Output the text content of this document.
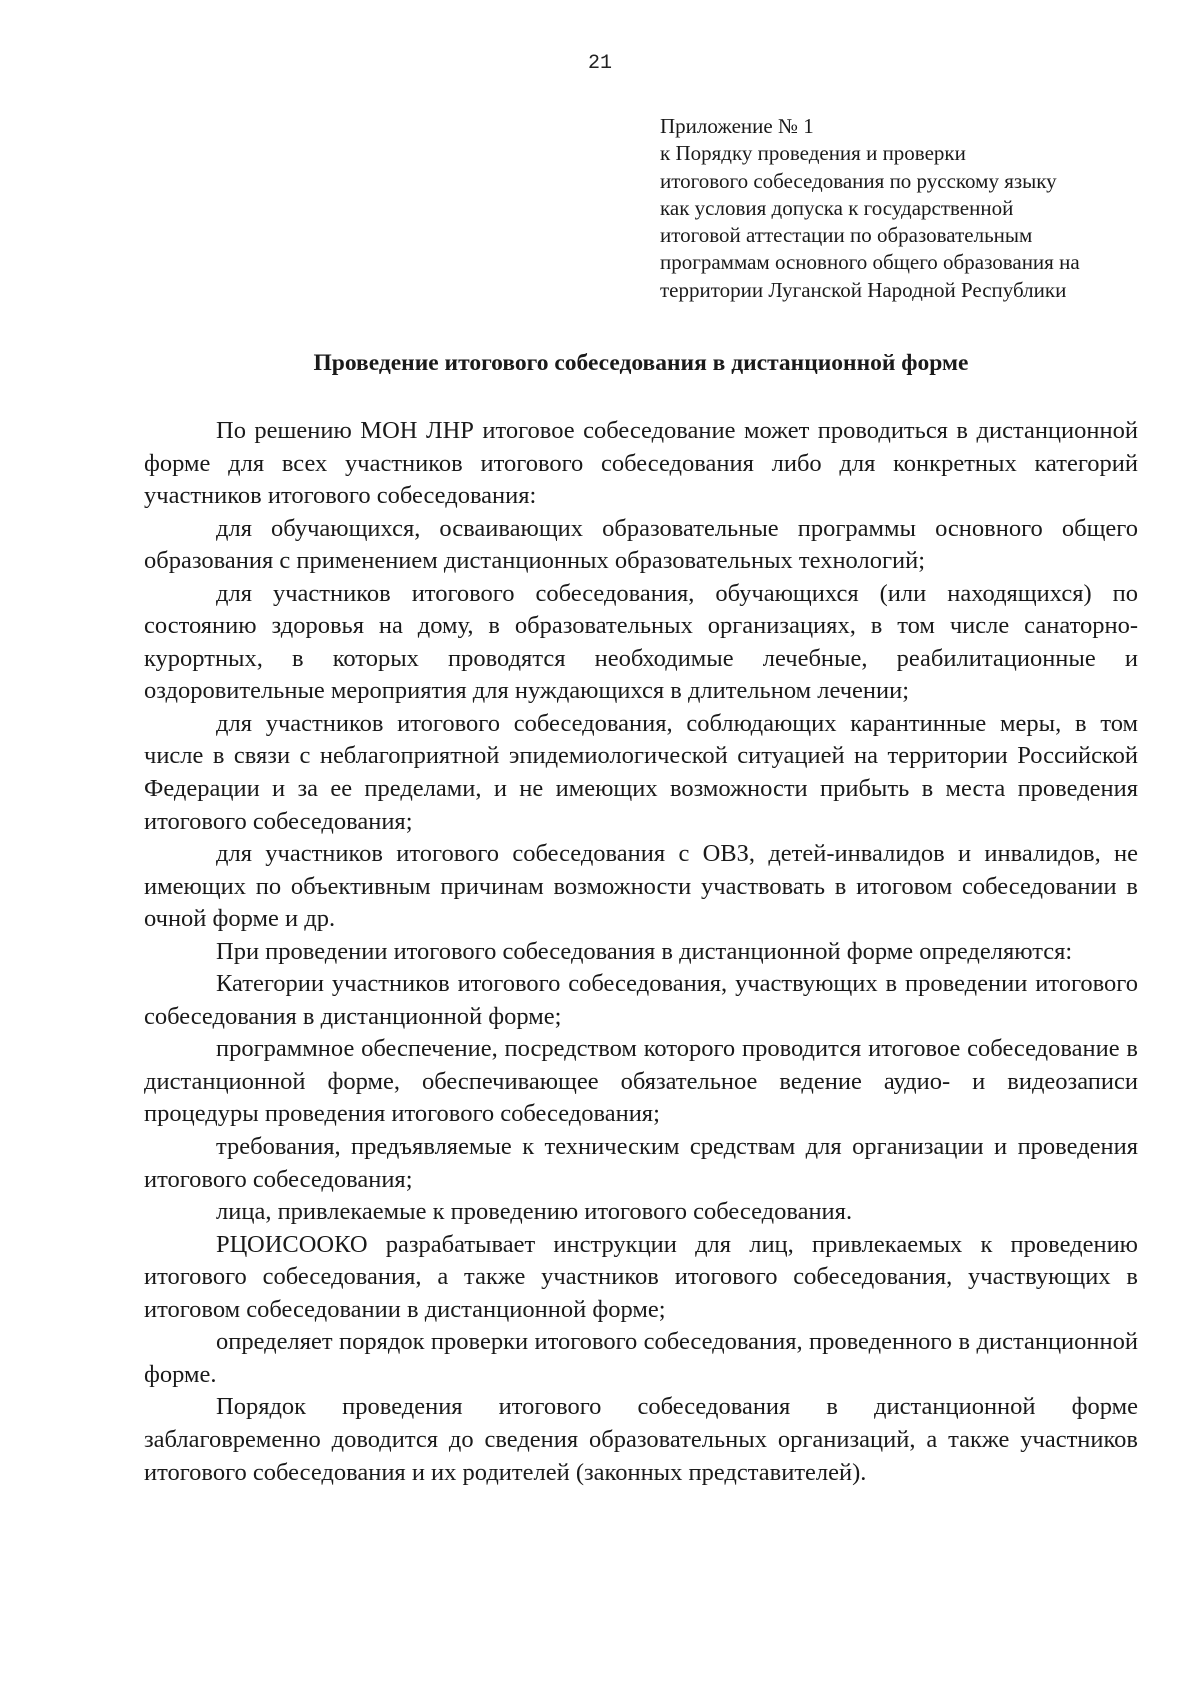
21
Приложение № 1
к Порядку проведения и проверки
итогового собеседования по русскому языку
как условия допуска к государственной
итоговой аттестации по образовательным
программам основного общего образования на
территории Луганской Народной Республики
Проведение итогового собеседования в дистанционной форме

По решению МОН ЛНР итоговое собеседование может проводиться в дистанционной форме для всех участников итогового собеседования либо для конкретных категорий участников итогового собеседования:

для обучающихся, осваивающих образовательные программы основного общего образования с применением дистанционных образовательных технологий;

для участников итогового собеседования, обучающихся (или находящихся) по состоянию здоровья на дому, в образовательных организациях, в том числе санаторно-курортных, в которых проводятся необходимые лечебные, реабилитационные и оздоровительные мероприятия для нуждающихся в длительном лечении;

для участников итогового собеседования, соблюдающих карантинные меры, в том числе в связи с неблагоприятной эпидемиологической ситуацией на территории Российской Федерации и за ее пределами, и не имеющих возможности прибыть в места проведения итогового собеседования;

для участников итогового собеседования с ОВЗ, детей-инвалидов и инвалидов, не имеющих по объективным причинам возможности участвовать в итоговом собеседовании в очной форме и др.

При проведении итогового собеседования в дистанционной форме определяются:

Категории участников итогового собеседования, участвующих в проведении итогового собеседования в дистанционной форме;

программное обеспечение, посредством которого проводится итоговое собеседование в дистанционной форме, обеспечивающее обязательное ведение аудио- и видеозаписи процедуры проведения итогового собеседования;

требования, предъявляемые к техническим средствам для организации и проведения итогового собеседования;

лица, привлекаемые к проведению итогового собеседования.

РЦОИСООКО разрабатывает инструкции для лиц, привлекаемых к проведению итогового собеседования, а также участников итогового собеседования, участвующих в итоговом собеседовании в дистанционной форме;

определяет порядок проверки итогового собеседования, проведенного в дистанционной форме.

Порядок проведения итогового собеседования в дистанционной форме заблаговременно доводится до сведения образовательных организаций, а также участников итогового собеседования и их родителей (законных представителей).
